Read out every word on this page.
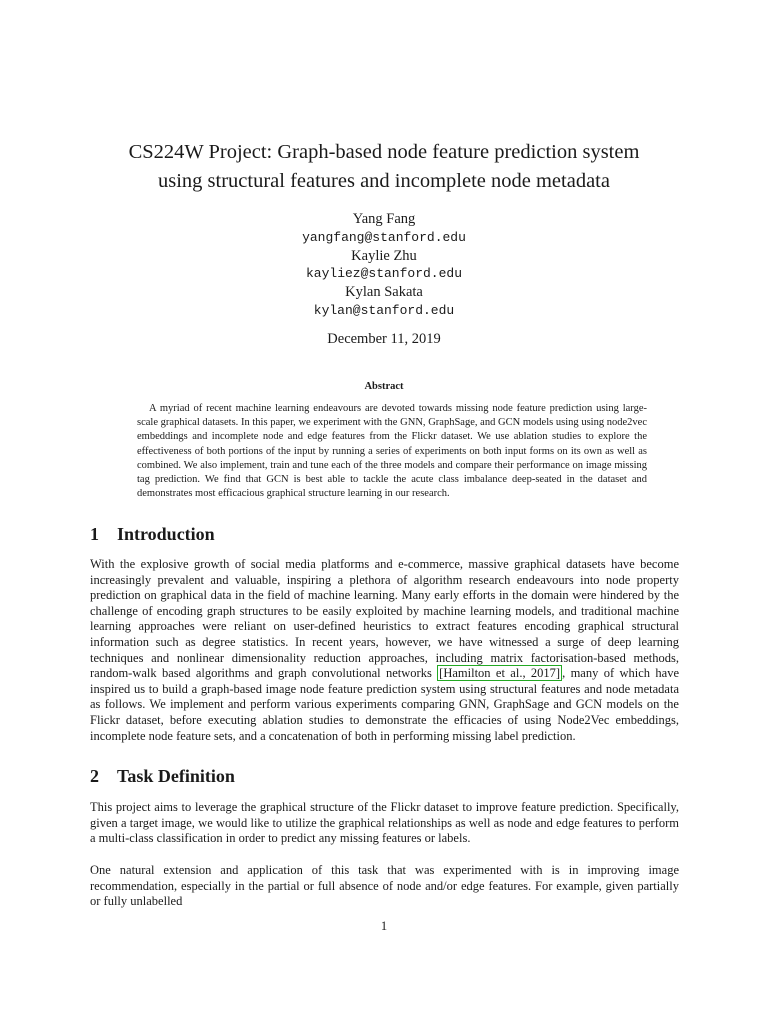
CS224W Project: Graph-based node feature prediction system
using structural features and incomplete node metadata
Yang Fang
yangfang@stanford.edu
Kaylie Zhu
kayliez@stanford.edu
Kylan Sakata
kylan@stanford.edu
December 11, 2019
Abstract
A myriad of recent machine learning endeavours are devoted towards missing node feature prediction using large-scale graphical datasets. In this paper, we experiment with the GNN, GraphSage, and GCN models using using node2vec embeddings and incomplete node and edge features from the Flickr dataset. We use ablation studies to explore the effectiveness of both portions of the input by running a series of experiments on both input forms on its own as well as combined. We also implement, train and tune each of the three models and compare their performance on image missing tag prediction. We find that GCN is best able to tackle the acute class imbalance deep-seated in the dataset and demonstrates most efficacious graphical structure learning in our research.
1 Introduction
With the explosive growth of social media platforms and e-commerce, massive graphical datasets have become increasingly prevalent and valuable, inspiring a plethora of algorithm research endeavours into node property prediction on graphical data in the field of machine learning. Many early efforts in the domain were hindered by the challenge of encoding graph structures to be easily exploited by machine learning models, and traditional machine learning approaches were reliant on user-defined heuristics to extract features encoding graphical structural information such as degree statistics. In recent years, however, we have witnessed a surge of deep learning techniques and nonlinear dimensionality reduction approaches, including matrix factorisation-based methods, random-walk based algorithms and graph convolutional networks [Hamilton et al., 2017] , many of which have inspired us to build a graph-based image node feature prediction system using structural features and node metadata as follows. We implement and perform various experiments comparing GNN, GraphSage and GCN models on the Flickr dataset, before executing ablation studies to demonstrate the efficacies of using Node2Vec embeddings, incomplete node feature sets, and a concatenation of both in performing missing label prediction.
2 Task Definition
This project aims to leverage the graphical structure of the Flickr dataset to improve feature prediction. Specifically, given a target image, we would like to utilize the graphical relationships as well as node and edge features to perform a multi-class classification in order to predict any missing features or labels.
One natural extension and application of this task that was experimented with is in improving image recommendation, especially in the partial or full absence of node and/or edge features. For example, given partially or fully unlabelled
1
